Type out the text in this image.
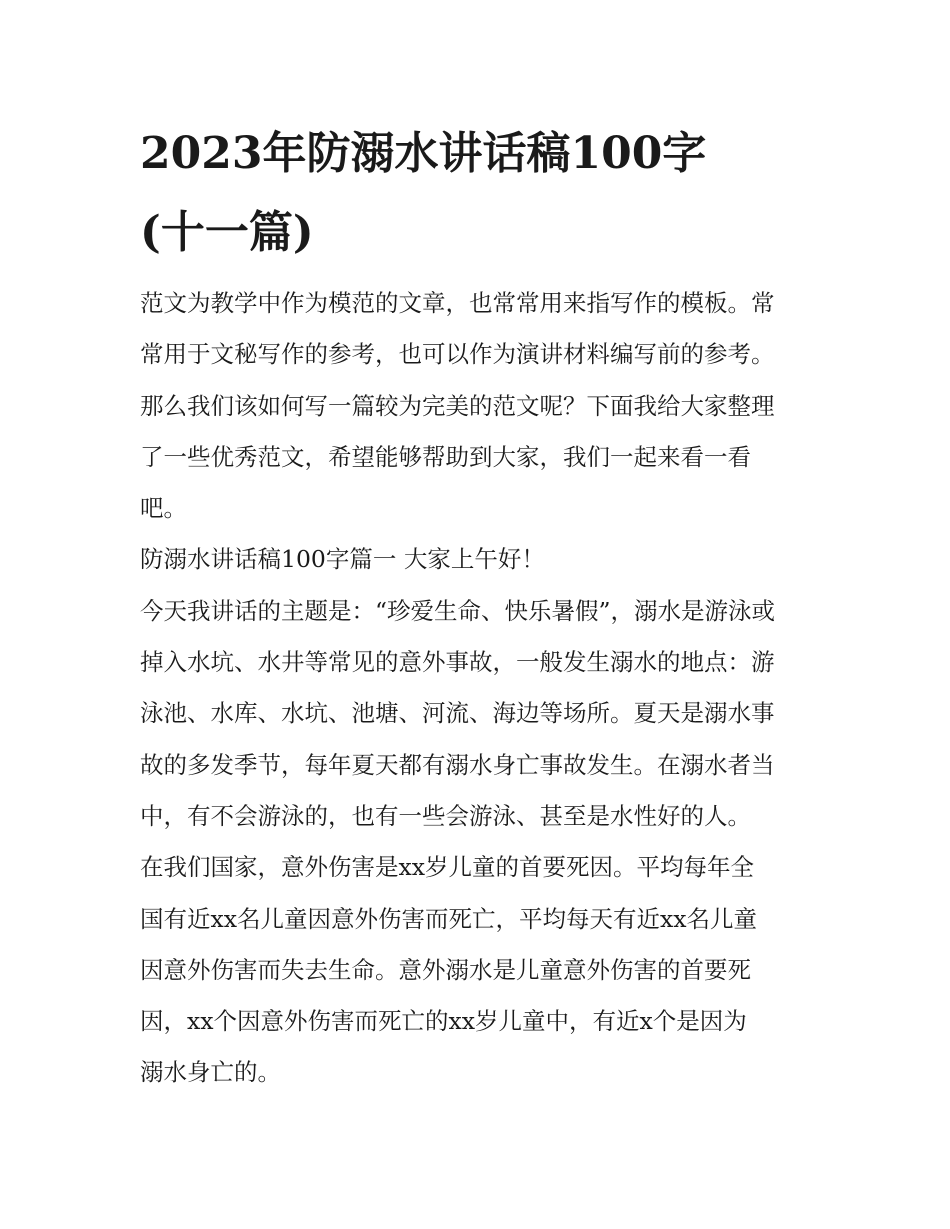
2023年防溺水讲话稿100字
(十一篇)
范文为教学中作为模范的文章，也常常用来指写作的模板。常
常用于文秘写作的参考，也可以作为演讲材料编写前的参考。
那么我们该如何写一篇较为完美的范文呢？下面我给大家整理
了一些优秀范文，希望能够帮助到大家，我们一起来看一看
吧。
防溺水讲话稿100字篇一 大家上午好！
今天我讲话的主题是：“珍爱生命、快乐暑假”，溺水是游泳或
掉入水坑、水井等常见的意外事故，一般发生溺水的地点：游
泳池、水库、水坑、池塘、河流、海边等场所。夏天是溺水事
故的多发季节，每年夏天都有溺水身亡事故发生。在溺水者当
中，有不会游泳的，也有一些会游泳、甚至是水性好的人。
在我们国家，意外伤害是xx岁儿童的首要死因。平均每年全
国有近xx名儿童因意外伤害而死亡，平均每天有近xx名儿童
因意外伤害而失去生命。意外溺水是儿童意外伤害的首要死
因，xx个因意外伤害而死亡的xx岁儿童中，有近x个是因为
溺水身亡的。
